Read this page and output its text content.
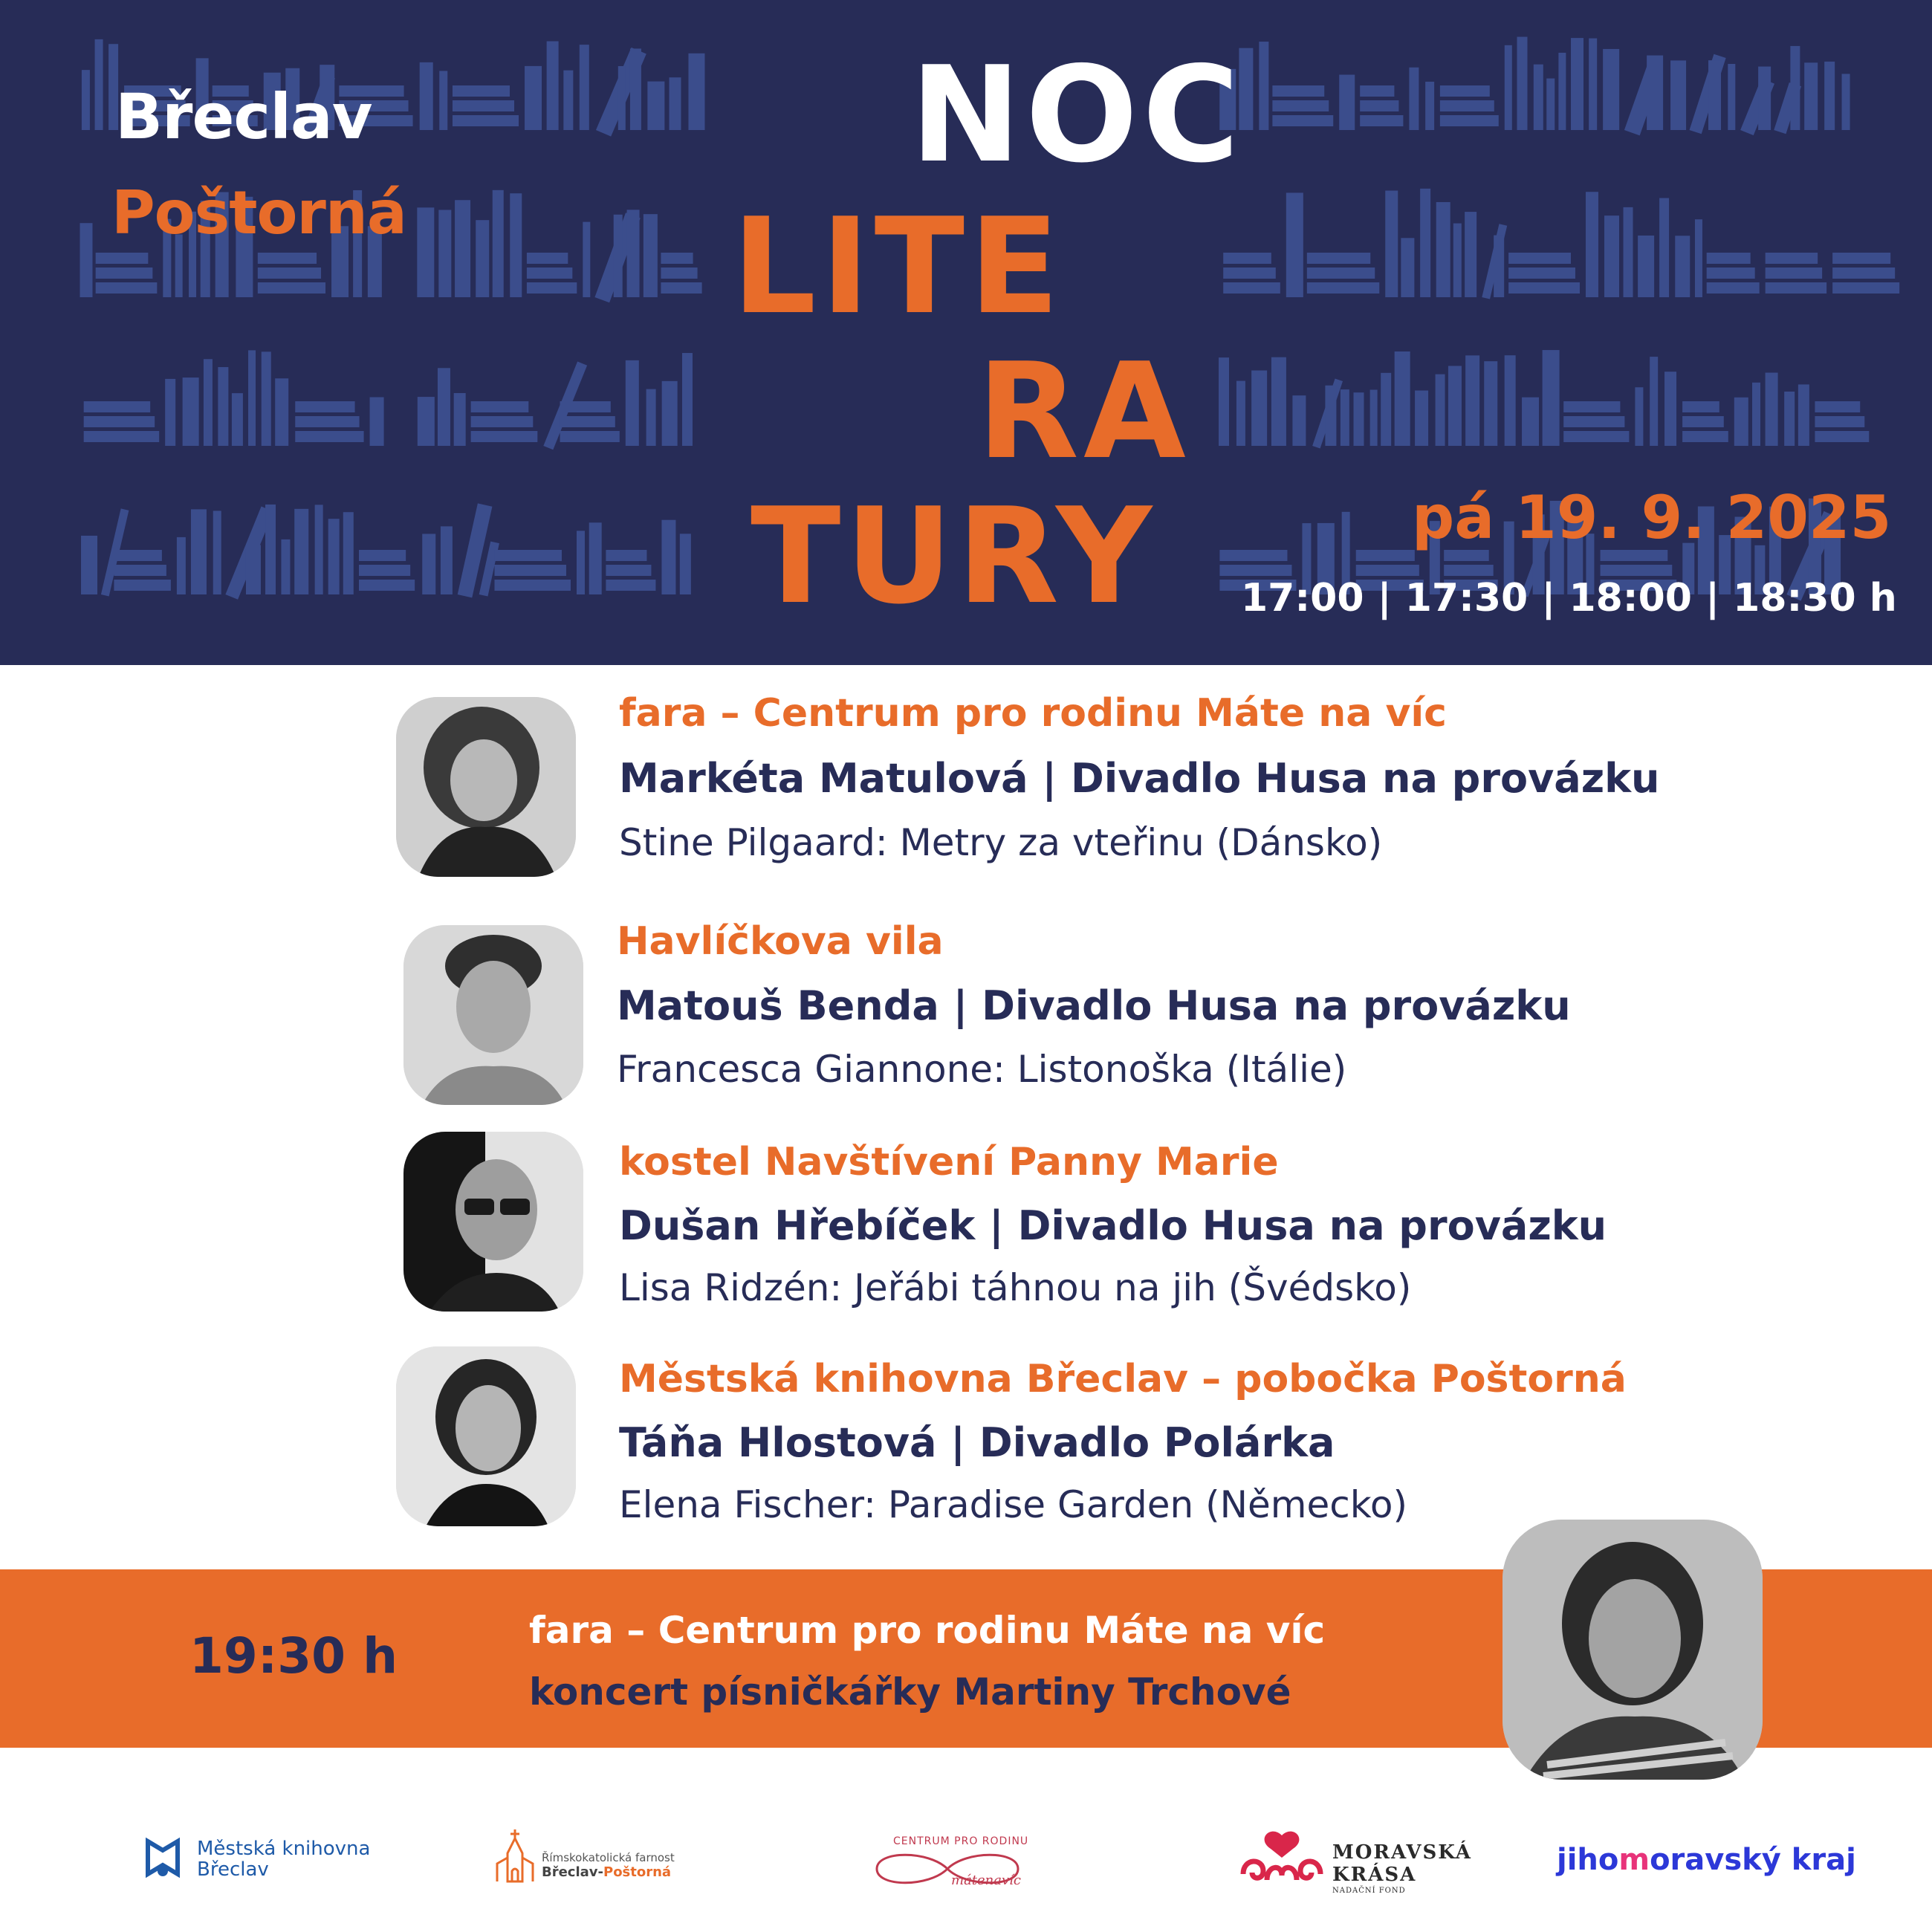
Břeclav
Poštorná
NOC
LITE
RA
TURY	pá 19. 9. 2025
17:00 | 17:30 | 18:00 | 18:30 h
fara – Centrum pro rodinu Máte na víc
Markéta Matulová | Divadlo Husa na provázku
Stine Pilgaard: Metry za vteřinu (Dánsko)
Havlíčkova vila
Matouš Benda | Divadlo Husa na provázku
Francesca Giannone: Listonoška (Itálie)
kostel Navštívení Panny Marie
Dušan Hřebíček | Divadlo Husa na provázku
Lisa Ridzén: Jeřábi táhnou na jih (Švédsko)
Městská knihovna Břeclav – pobočka Poštorná
Táňa Hlostová | Divadlo Polárka
Elena Fischer: Paradise Garden (Německo)
19:30 h	fara – Centrum pro rodinu Máte na víc
koncert písničkářky Martiny Trchové
Městská knihovna
Břeclav
Římskokatolická farnost
Břeclav-Poštorná
CENTRUM PRO RODINU
mátenavíc
MORAVSKÁ
KRÁSA
NADAČNÍ FOND
jihomoravský kraj
